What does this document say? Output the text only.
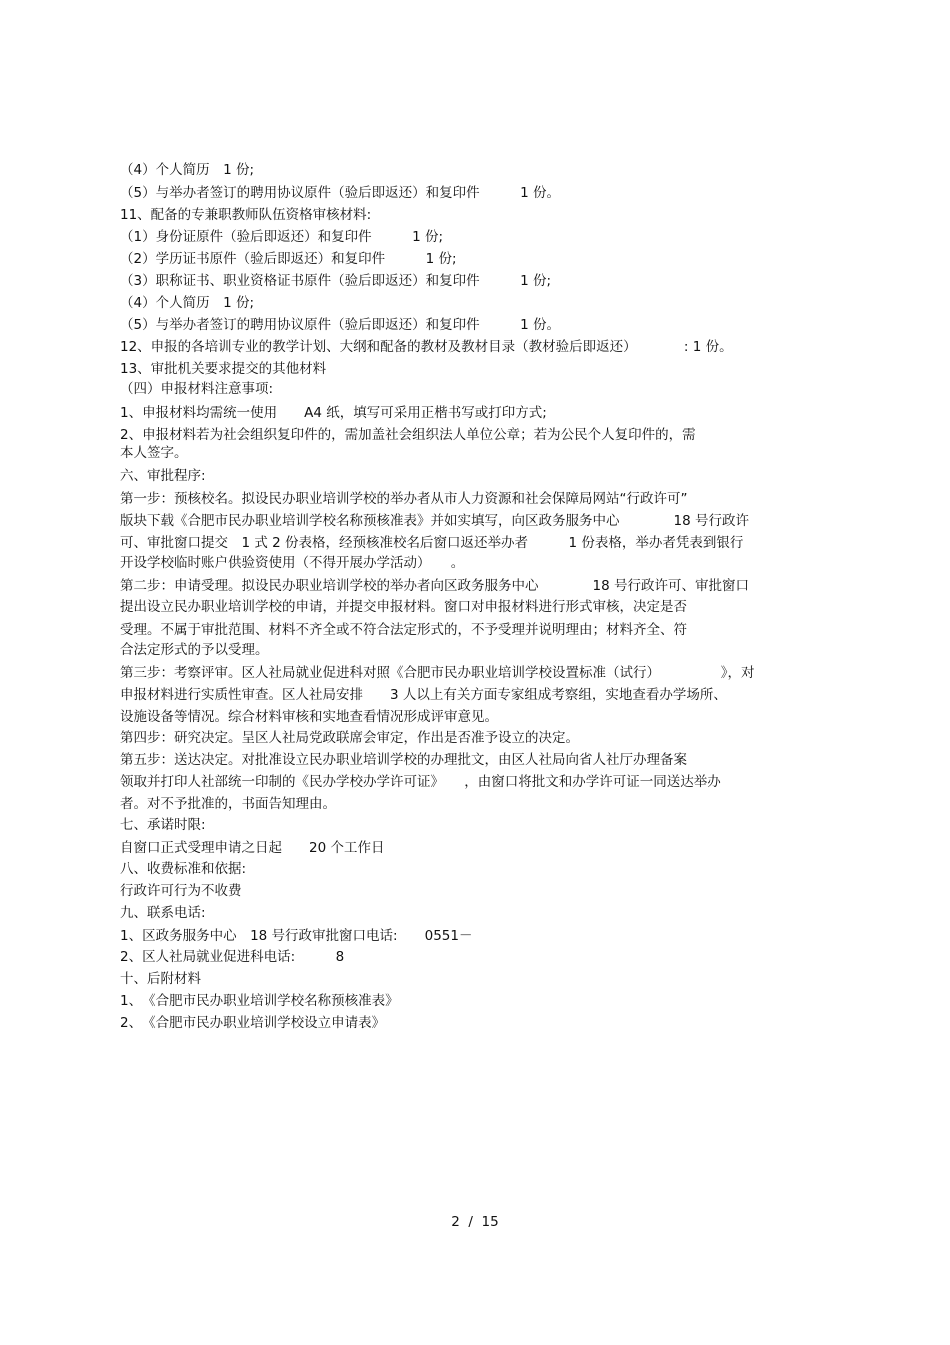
（4）个人简历　1 份;
（5）与举办者签订的聘用协议原件（验后即返还）和复印件　　　1 份。
11、配备的专兼职教师队伍资格审核材料:
（1）身份证原件（验后即返还）和复印件　　　1 份;
（2）学历证书原件（验后即返还）和复印件　　　1 份;
（3）职称证书、职业资格证书原件（验后即返还）和复印件　　　1 份;
（4）个人简历　1 份;
（5）与举办者签订的聘用协议原件（验后即返还）和复印件　　　1 份。
12、申报的各培训专业的教学计划、大纲和配备的教材及教材目录（教材验后即返还）　　　　: 1 份。
13、审批机关要求提交的其他材料
（四）申报材料注意事项:
1、申报材料均需统一使用　　A4 纸，填写可采用正楷书写或打印方式;
2、申报材料若为社会组织复印件的，需加盖社会组织法人单位公章；若为公民个人复印件的，需
本人签字。
六、审批程序:
第一步：预核校名。拟设民办职业培训学校的举办者从市人力资源和社会保障局网站“行政许可”
版块下载《合肥市民办职业培训学校名称预核准表》并如实填写，向区政务服务中心　　　　18 号行政许
可、审批窗口提交　1 式 2 份表格，经预核准校名后窗口返还举办者　　　1 份表格，举办者凭表到银行
开设学校临时账户供验资使用（不得开展办学活动）　　。
第二步：申请受理。拟设民办职业培训学校的举办者向区政务服务中心　　　　18 号行政许可、审批窗口
提出设立民办职业培训学校的申请，并提交申报材料。窗口对申报材料进行形式审核，决定是否
受理。不属于审批范围、材料不齐全或不符合法定形式的，不予受理并说明理由；材料齐全、符
合法定形式的予以受理。
第三步：考察评审。区人社局就业促进科对照《合肥市民办职业培训学校设置标准（试行）　　　　　》，对
申报材料进行实质性审查。区人社局安排　　3 人以上有关方面专家组成考察组，实地查看办学场所、
设施设备等情况。综合材料审核和实地查看情况形成评审意见。
第四步：研究决定。呈区人社局党政联席会审定，作出是否准予设立的决定。
第五步：送达决定。对批准设立民办职业培训学校的办理批文，由区人社局向省人社厅办理备案
领取并打印人社部统一印制的《民办学校办学许可证》　　，由窗口将批文和办学许可证一同送达举办
者。对不予批准的，书面告知理由。
七、承诺时限:
自窗口正式受理申请之日起　　20 个工作日
八、收费标准和依据:
行政许可行为不收费
九、联系电话:
1、区政务服务中心　18 号行政审批窗口电话:　　0551－
2、区人社局就业促进科电话:　　　8
十、后附材料
1、　《合肥市民办职业培训学校名称预核准表》
2、　《合肥市民办职业培训学校设立申请表》
2  /  15
